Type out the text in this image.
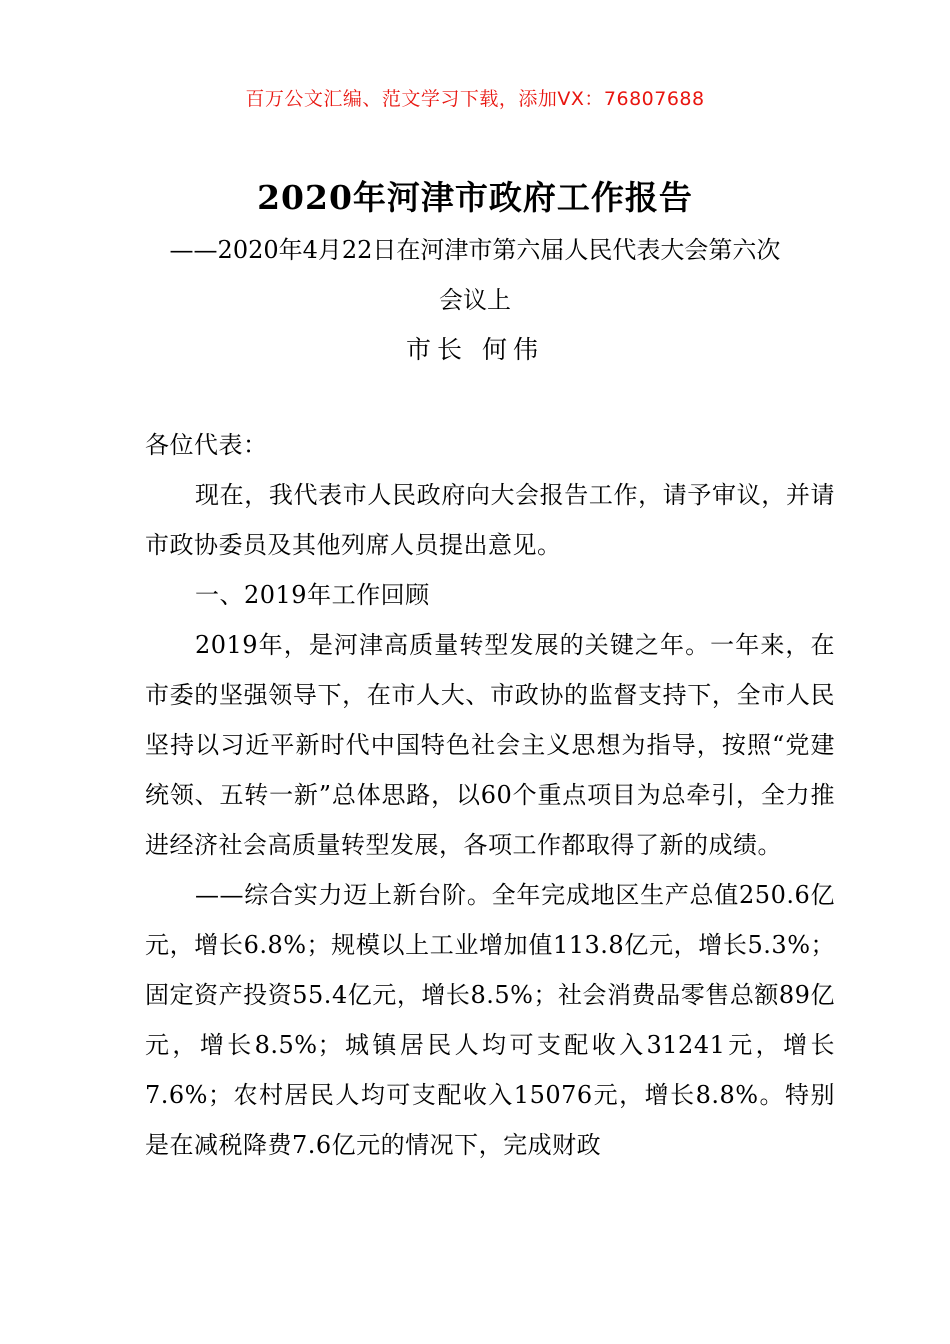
百万公文汇编、范文学习下载，添加VX：76807688
2020年河津市政府工作报告
——2020年4月22日在河津市第六届人民代表大会第六次
会议上
市长 何伟

各位代表：

现在，我代表市人民政府向大会报告工作，请予审议，并请市政协委员及其他列席人员提出意见。

一、2019年工作回顾

2019年，是河津高质量转型发展的关键之年。一年来，在市委的坚强领导下，在市人大、市政协的监督支持下，全市人民坚持以习近平新时代中国特色社会主义思想为指导，按照“党建统领、五转一新”总体思路，以60个重点项目为总牵引，全力推进经济社会高质量转型发展，各项工作都取得了新的成绩。

——综合实力迈上新台阶。全年完成地区生产总值250.6亿元，增长6.8%；规模以上工业增加值113.8亿元，增长5.3%；固定资产投资55.4亿元，增长8.5%；社会消费品零售总额89亿元，增长8.5%；城镇居民人均可支配收入31241元，增长7.6%；农村居民人均可支配收入15076元，增长8.8%。特别是在减税降费7.6亿元的情况下，完成财政
